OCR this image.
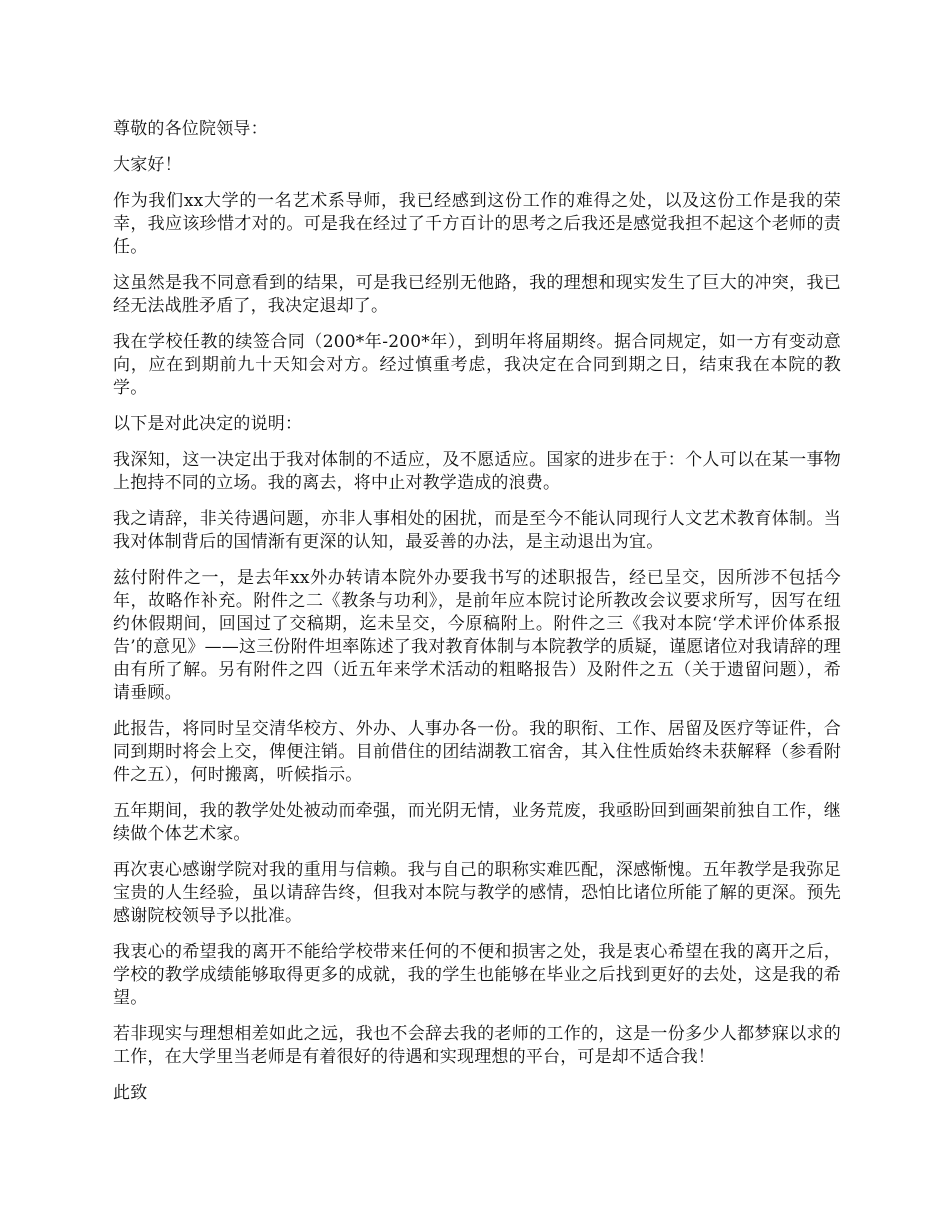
尊敬的各位院领导：

大家好！

作为我们xx大学的一名艺术系导师，我已经感到这份工作的难得之处，以及这份工作是我的荣幸，我应该珍惜才对的。可是我在经过了千方百计的思考之后我还是感觉我担不起这个老师的责任。

这虽然是我不同意看到的结果，可是我已经别无他路，我的理想和现实发生了巨大的冲突，我已经无法战胜矛盾了，我决定退却了。

我在学校任教的续签合同（200*年-200*年），到明年将届期终。据合同规定，如一方有变动意向，应在到期前九十天知会对方。经过慎重考虑，我决定在合同到期之日，结束我在本院的教学。

以下是对此决定的说明：

我深知，这一决定出于我对体制的不适应，及不愿适应。国家的进步在于：个人可以在某一事物上抱持不同的立场。我的离去，将中止对教学造成的浪费。

我之请辞，非关待遇问题，亦非人事相处的困扰，而是至今不能认同现行人文艺术教育体制。当我对体制背后的国情渐有更深的认知，最妥善的办法，是主动退出为宜。

兹付附件之一，是去年xx外办转请本院外办要我书写的述职报告，经已呈交，因所涉不包括今年，故略作补充。附件之二《教条与功利》，是前年应本院讨论所教改会议要求所写，因写在纽约休假期间，回国过了交稿期，迄未呈交，今原稿附上。附件之三《我对本院‘学术评价体系报告’的意见》——这三份附件坦率陈述了我对教育体制与本院教学的质疑，谨愿诸位对我请辞的理由有所了解。另有附件之四（近五年来学术活动的粗略报告）及附件之五（关于遗留问题），希请垂顾。

此报告，将同时呈交清华校方、外办、人事办各一份。我的职衔、工作、居留及医疗等证件，合同到期时将会上交，俾便注销。目前借住的团结湖教工宿舍，其入住性质始终未获解释（参看附件之五），何时搬离，听候指示。

五年期间，我的教学处处被动而牵强，而光阴无情，业务荒废，我亟盼回到画架前独自工作，继续做个体艺术家。

再次衷心感谢学院对我的重用与信赖。我与自己的职称实难匹配，深感惭愧。五年教学是我弥足宝贵的人生经验，虽以请辞告终，但我对本院与教学的感情，恐怕比诸位所能了解的更深。预先感谢院校领导予以批准。

我衷心的希望我的离开不能给学校带来任何的不便和损害之处，我是衷心希望在我的离开之后，学校的教学成绩能够取得更多的成就，我的学生也能够在毕业之后找到更好的去处，这是我的希望。

若非现实与理想相差如此之远，我也不会辞去我的老师的工作的，这是一份多少人都梦寐以求的工作，在大学里当老师是有着很好的待遇和实现理想的平台，可是却不适合我！

此致
